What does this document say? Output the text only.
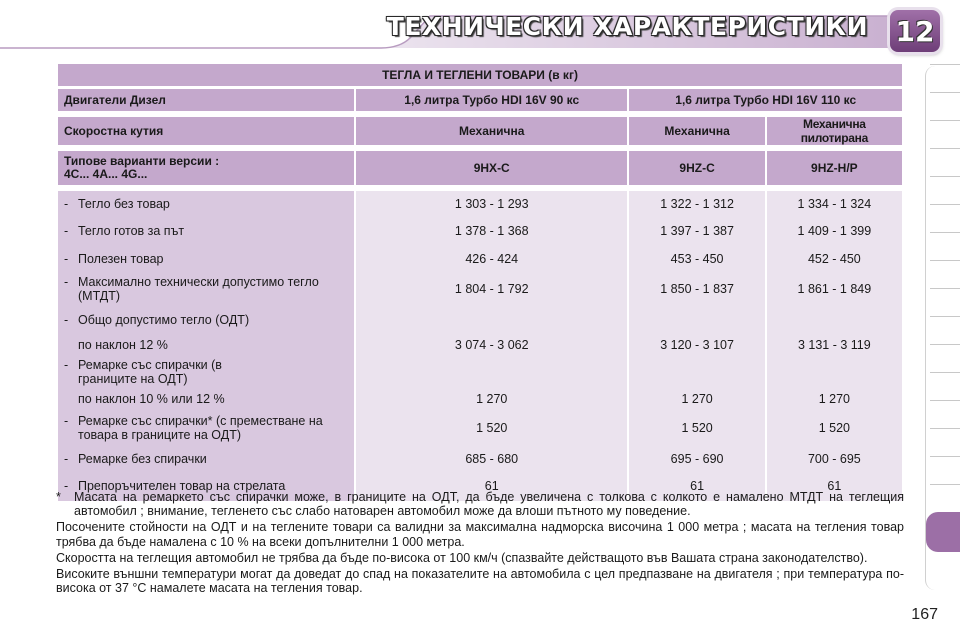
ТЕХНИЧЕСКИ ХАРАКТЕРИСТИКИ 12
ТЕГЛА И ТЕГЛЕНИ ТОВАРИ (в кг)			

Двигатели Дизел	1,6 литра Турбо HDI 16V 90 кс	1,6 литра Турбо HDI 16V 110 кс	

Скоростна кутия	Механична	Механична	Механична пилотирана

Типове варианти версии :
4C... 4A... 4G...	9HX-C	9HZ-C	9HZ-H/P

- Тегло без товар	1 303 - 1 293	1 322 - 1 312	1 334 - 1 324

- Тегло готов за път	1 378 - 1 368	1 397 - 1 387	1 409 - 1 399

- Полезен товар	426 - 424	453 - 450	452 - 450

- Максимално технически допустимо тегло (МТДТ)	1 804 - 1 792	1 850 - 1 837	1 861 - 1 849

- Общо допустимо тегло (ОДТ)			

по наклон 12 %	3 074 - 3 062	3 120 - 3 107	3 131 - 3 119

- Ремарке със спирачки (в границите на ОДТ)			

по наклон 10 % или 12 %	1 270	1 270	1 270

- Ремарке със спирачки* (с преместване на товара в границите на ОДТ)	1 520	1 520	1 520

- Ремарке без спирачки	685 - 680	695 - 690	700 - 695

- Препоръчителен товар на стрелата	61	61	61
*	Масата на ремаркето със спирачки може, в границите на ОДТ, да бъде увеличена с толкова с колкото е намалено МТДТ на теглещия автомобил ; внимание, тегленето със слабо натоварен автомобил може да влоши пътното му поведение.

Посочените стойности на ОДТ и на теглените товари са валидни за максимална надморска височина 1 000 метра ; масата на тегления товар трябва да бъде намалена с 10 % на всеки допълнителни 1 000 метра.

Скоростта на теглещия автомобил не трябва да бъде по-висока от 100 км/ч (спазвайте действащото във Вашата страна законодателство).

Високите външни температури могат да доведат до спад на показателите на автомобила с цел предпазване на двигателя ; при температура по-висока от 37 °С намалете масата на тегления товар.

167
